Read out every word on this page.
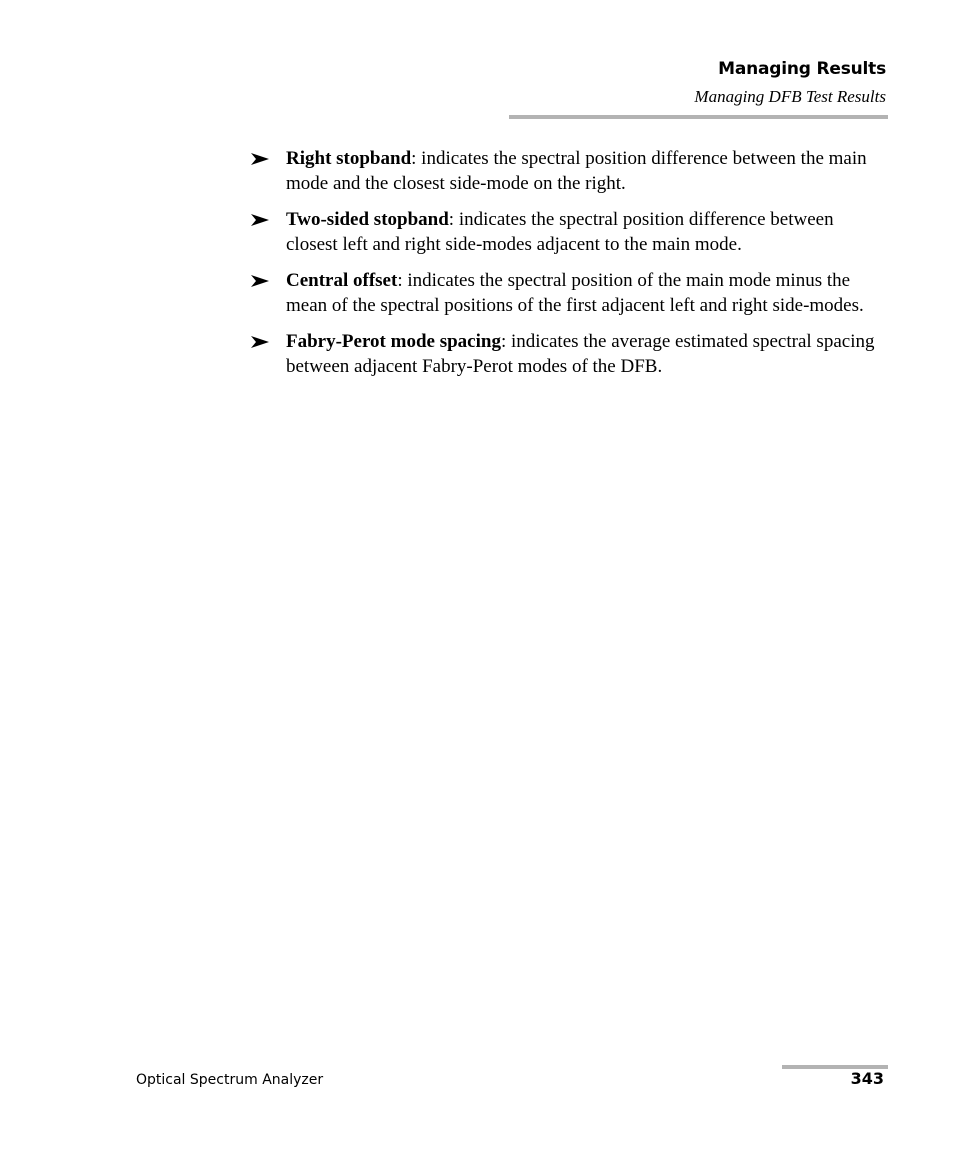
Managing Results
Managing DFB Test Results
Right stopband: indicates the spectral position difference between the main mode and the closest side-mode on the right.
Two-sided stopband: indicates the spectral position difference between closest left and right side-modes adjacent to the main mode.
Central offset: indicates the spectral position of the main mode minus the mean of the spectral positions of the first adjacent left and right side-modes.
Fabry-Perot mode spacing: indicates the average estimated spectral spacing between adjacent Fabry-Perot modes of the DFB.
Optical Spectrum Analyzer	343
